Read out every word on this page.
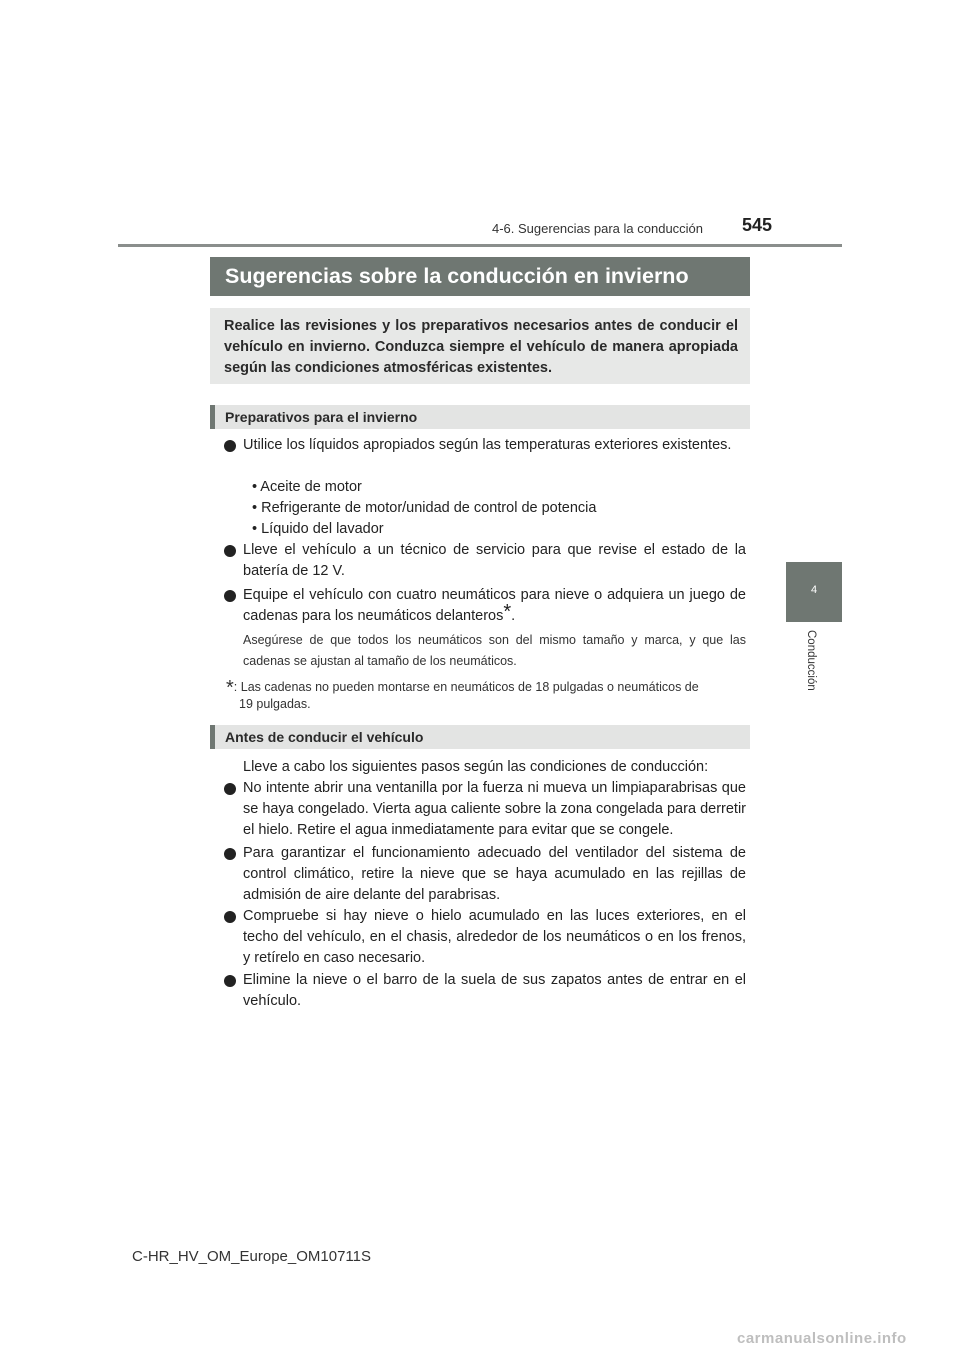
4-6. Sugerencias para la conducción 545
4
Conducción
Sugerencias sobre la conducción en invierno
Realice las revisiones y los preparativos necesarios antes de conducir el vehículo en invierno. Conduzca siempre el vehículo de manera apropiada según las condiciones atmosféricas existentes.
Preparativos para el invierno
Utilice los líquidos apropiados según las temperaturas exteriores existentes.
• Aceite de motor
• Refrigerante de motor/unidad de control de potencia
• Líquido del lavador
Lleve el vehículo a un técnico de servicio para que revise el estado de la batería de 12 V.
Equipe el vehículo con cuatro neumáticos para nieve o adquiera un juego de cadenas para los neumáticos delanteros*.
Asegúrese de que todos los neumáticos son del mismo tamaño y marca, y que las cadenas se ajustan al tamaño de los neumáticos.
*: Las cadenas no pueden montarse en neumáticos de 18 pulgadas o neumáticos de
19 pulgadas.
Antes de conducir el vehículo
Lleve a cabo los siguientes pasos según las condiciones de conducción:
No intente abrir una ventanilla por la fuerza ni mueva un limpiaparabrisas que se haya congelado. Vierta agua caliente sobre la zona congelada para derretir el hielo. Retire el agua inmediatamente para evitar que se congele.
Para garantizar el funcionamiento adecuado del ventilador del sistema de control climático, retire la nieve que se haya acumulado en las rejillas de admisión de aire delante del parabrisas.
Compruebe si hay nieve o hielo acumulado en las luces exteriores, en el techo del vehículo, en el chasis, alrededor de los neumáticos o en los frenos, y retírelo en caso necesario.
Elimine la nieve o el barro de la suela de sus zapatos antes de entrar en el vehículo.
C-HR_HV_OM_Europe_OM10711S
carmanualsonline.info
